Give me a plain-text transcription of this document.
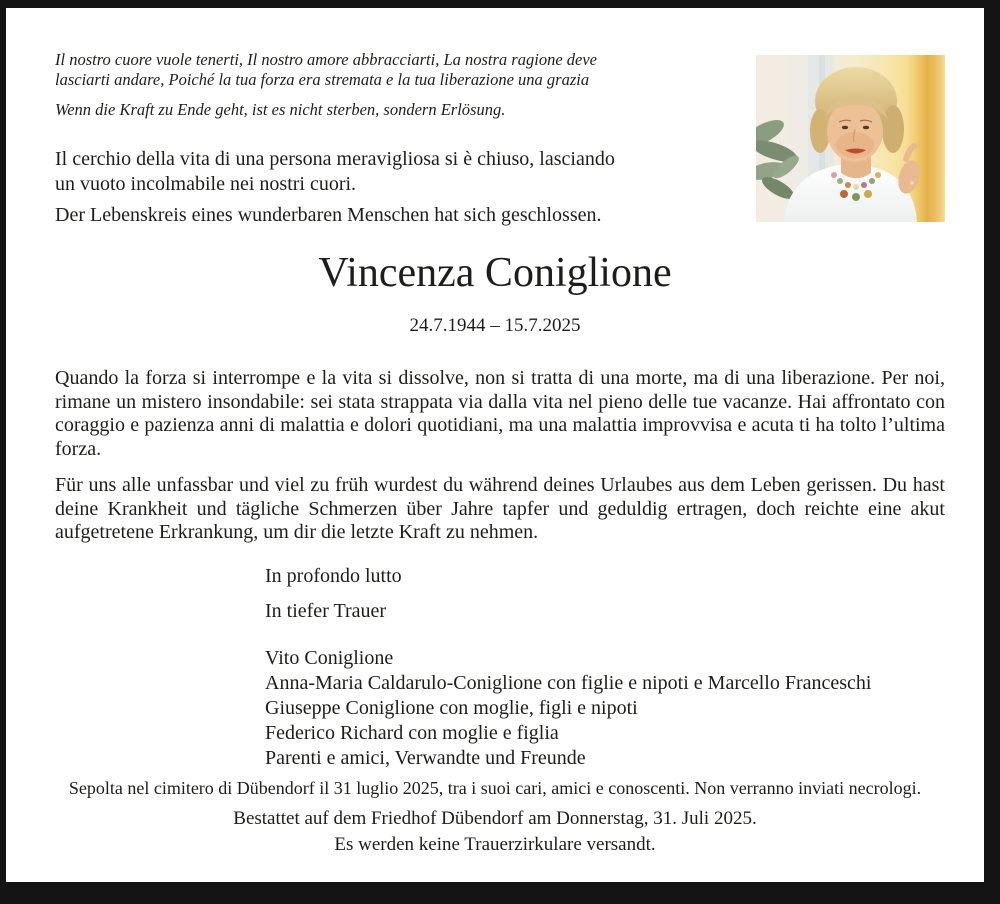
Il nostro cuore vuole tenerti, Il nostro amore abbracciarti, La nostra ragione deve
lasciarti andare, Poiché la tua forza era stremata e la tua liberazione una grazia
Wenn die Kraft zu Ende geht, ist es nicht sterben, sondern Erlösung.
Il cerchio della vita di una persona meravigliosa si è chiuso, lasciando
un vuoto incolmabile nei nostri cuori.
Der Lebenskreis eines wunderbaren Menschen hat sich geschlossen.
Vincenza Coniglione
24.7.1944 – 15.7.2025

Quando la forza si interrompe e la vita si dissolve, non si tratta di una morte, ma di una liberazione. Per noi, rimane un mistero insondabile: sei stata strappata via dalla vita nel pieno delle tue vacanze. Hai affrontato con coraggio e pazienza anni di malattia e dolori quotidiani, ma una malattia improvvisa e acuta ti ha tolto l’ultima forza.

Für uns alle unfassbar und viel zu früh wurdest du während deines Urlaubes aus dem Leben gerissen. Du hast deine Krankheit und tägliche Schmerzen über Jahre tapfer und geduldig ertragen, doch reichte eine akut aufgetretene Erkrankung, um dir die letzte Kraft zu nehmen.

In profondo lutto
In tiefer Trauer
Vito Coniglione
Anna-Maria Caldarulo-Coniglione con figlie e nipoti e Marcello Franceschi
Giuseppe Coniglione con moglie, figli e nipoti
Federico Richard con moglie e figlia
Parenti e amici, Verwandte und Freunde
Sepolta nel cimitero di Dübendorf il 31 luglio 2025, tra i suoi cari, amici e conoscenti. Non verranno inviati necrologi.
Bestattet auf dem Friedhof Dübendorf am Donnerstag, 31. Juli 2025.
Es werden keine Trauerzirkulare versandt.
